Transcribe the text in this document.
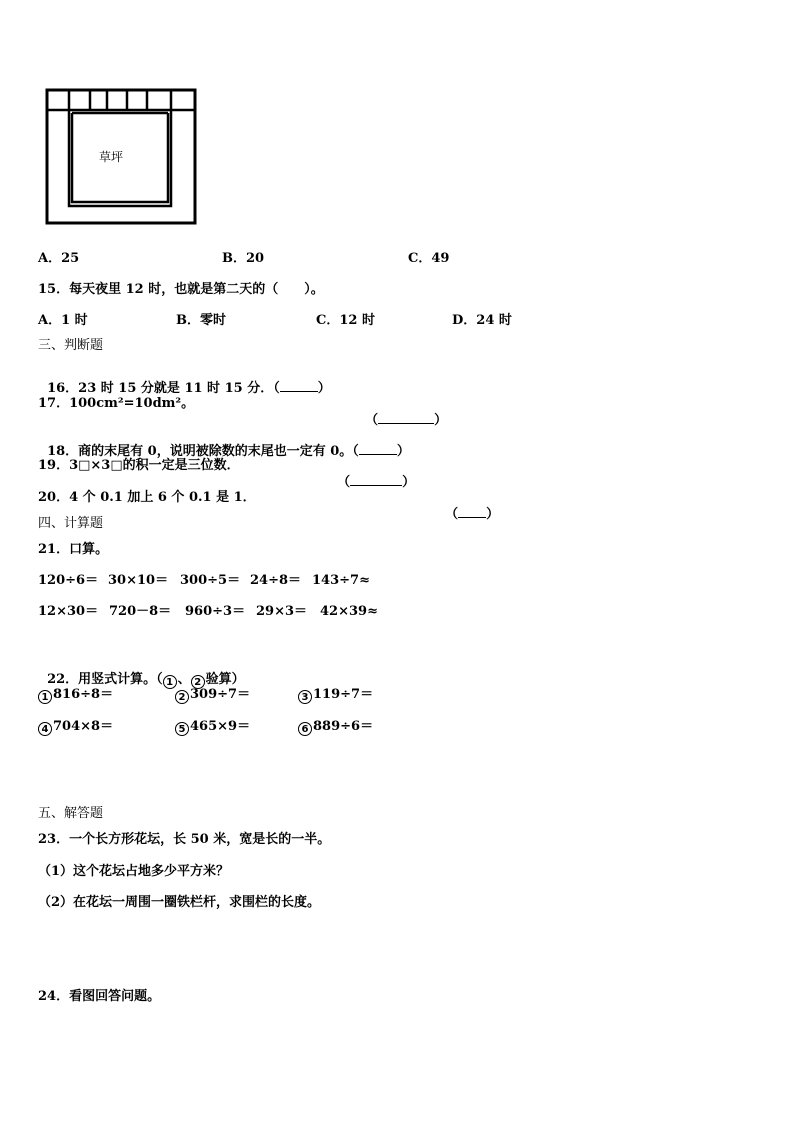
草坪
A．25	B．20	C．49
15．每天夜里 12 时，也就是第二天的（　　）。
A．1 时	B．零时	C．12 时	D．24 时
三、判断题

16．23 时 15 分就是 11 时 15 分．（	）

17．100cm²=10dm²。

（	）

18．商的末尾有 0，说明被除数的末尾也一定有 0。（	）

19．3□×3□的积一定是三位数．

（	）

20．4 个 0.1 加上 6 个 0.1 是 1．

（ ）

四、计算题
21．口算。
120÷6＝ 30×10＝ 300÷5＝ 24÷8＝ 143÷7≈
12×30＝ 720－8＝ 960÷3＝ 29×3＝ 42×39≈

22．用竖式计算。（ 1 、 2 验算）

1 816÷8＝	2 309÷7＝	3 119÷7＝
4 704×8＝	5 465×9＝	6 889÷6＝
五、解答题
23．一个长方形花坛，长 50 米，宽是长的一半。
（1）这个花坛占地多少平方米？
（2）在花坛一周围一圈铁栏杆，求围栏的长度。
24．看图回答问题。
